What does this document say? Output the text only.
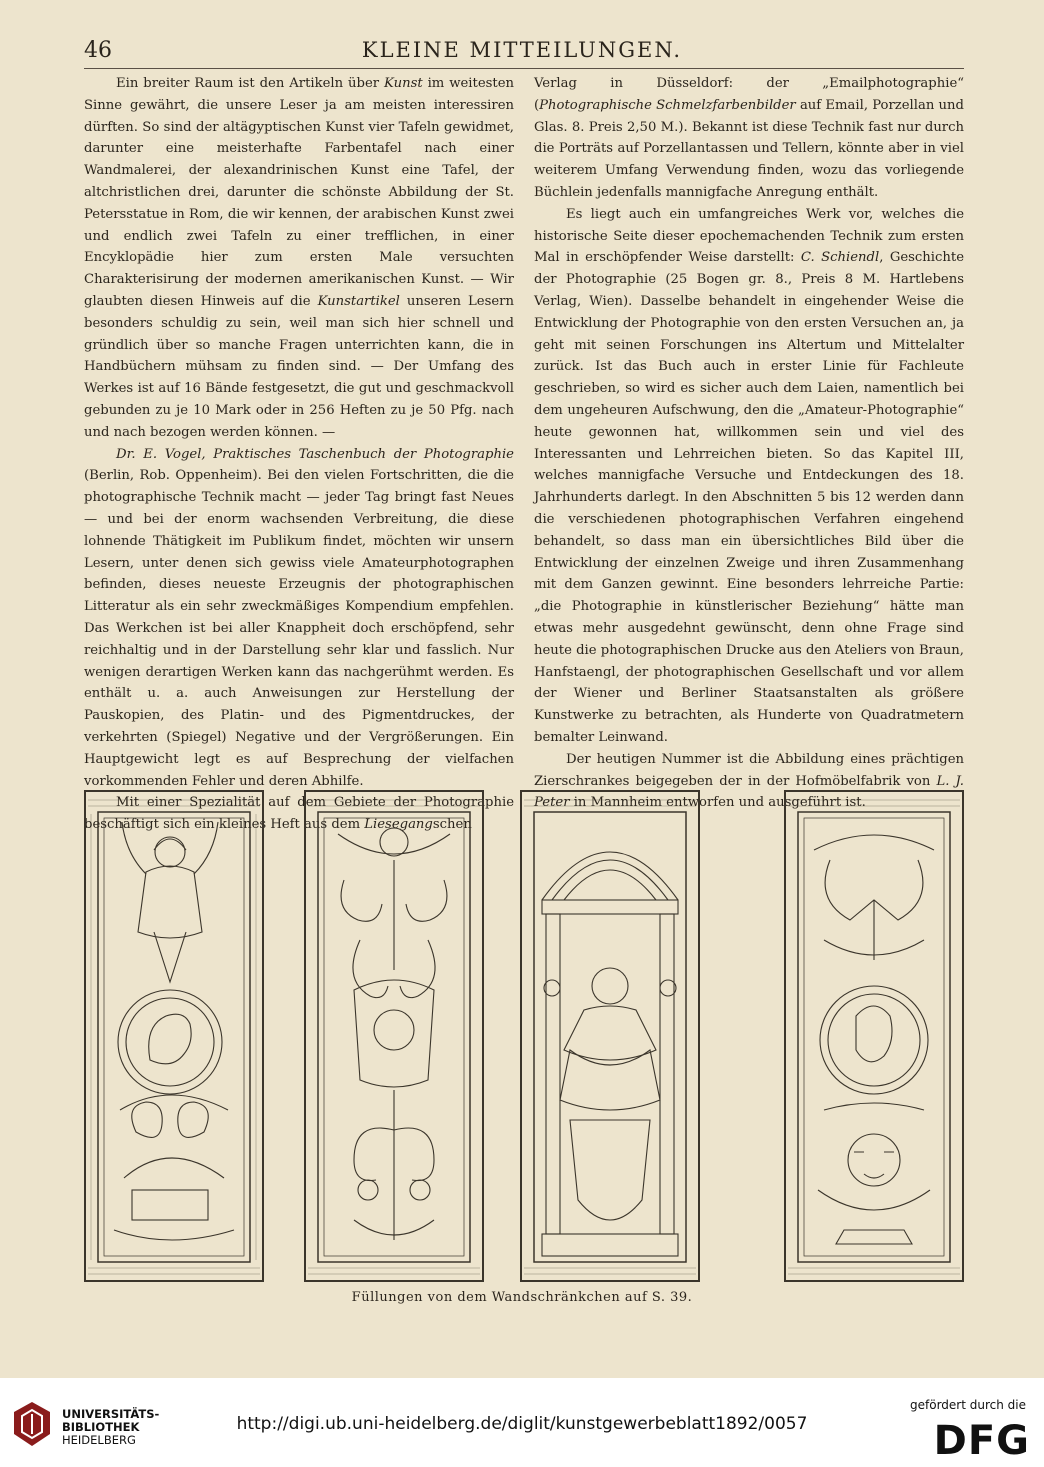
46	KLEINE MITTEILUNGEN.

Ein breiter Raum ist den Artikeln über Kunst im weitesten Sinne gewährt, die unsere Leser ja am meisten interessiren dürften. So sind der altägyptischen Kunst vier Tafeln gewidmet, darunter eine meisterhafte Farbentafel nach einer Wandmalerei, der alexandrinischen Kunst eine Tafel, der altchristlichen drei, darunter die schönste Abbildung der St. Petersstatue in Rom, die wir kennen, der arabischen Kunst zwei und endlich zwei Tafeln zu einer trefflichen, in einer Encyklopädie hier zum ersten Male versuchten Charakterisirung der modernen amerikanischen Kunst. — Wir glaubten diesen Hinweis auf die Kunstartikel unseren Lesern besonders schuldig zu sein, weil man sich hier schnell und gründlich über so manche Fragen unterrichten kann, die in Handbüchern mühsam zu finden sind. — Der Umfang des Werkes ist auf 16 Bände festgesetzt, die gut und geschmackvoll gebunden zu je 10 Mark oder in 256 Heften zu je 50 Pfg. nach und nach bezogen werden können. —

Dr. E. Vogel, Praktisches Taschenbuch der Photographie (Berlin, Rob. Oppenheim). Bei den vielen Fortschritten, die die photographische Technik macht — jeder Tag bringt fast Neues — und bei der enorm wachsenden Verbreitung, die diese lohnende Thätigkeit im Publikum findet, möchten wir unsern Lesern, unter denen sich gewiss viele Amateurphotographen befinden, dieses neueste Erzeugnis der photographischen Litteratur als ein sehr zweckmäßiges Kompendium empfehlen. Das Werkchen ist bei aller Knappheit doch erschöpfend, sehr reichhaltig und in der Darstellung sehr klar und fasslich. Nur wenigen derartigen Werken kann das nachgerühmt werden. Es enthält u. a. auch Anweisungen zur Herstellung der Pauskopien, des Platin- und des Pigmentdruckes, der verkehrten (Spiegel) Negative und der Vergrößerungen. Ein Hauptgewicht legt es auf Besprechung der vielfachen vorkommenden Fehler und deren Abhilfe.

Mit einer Spezialität auf dem Gebiete der Photographie beschäftigt sich ein kleines Heft aus dem Liesegangschen

Verlag in Düsseldorf: der „Emailphotographie“ (Photographische Schmelzfarbenbilder auf Email, Porzellan und Glas. 8. Preis 2,50 M.). Bekannt ist diese Technik fast nur durch die Porträts auf Porzellantassen und Tellern, könnte aber in viel weiterem Umfang Verwendung finden, wozu das vorliegende Büchlein jedenfalls mannigfache Anregung enthält.

Es liegt auch ein umfangreiches Werk vor, welches die historische Seite dieser epochemachenden Technik zum ersten Mal in erschöpfender Weise darstellt: C. Schiendl, Geschichte der Photographie (25 Bogen gr. 8., Preis 8 M. Hartlebens Verlag, Wien). Dasselbe behandelt in eingehender Weise die Entwicklung der Photographie von den ersten Versuchen an, ja geht mit seinen Forschungen ins Altertum und Mittelalter zurück. Ist das Buch auch in erster Linie für Fachleute geschrieben, so wird es sicher auch dem Laien, namentlich bei dem ungeheuren Aufschwung, den die „Amateur-Photographie“ heute gewonnen hat, willkommen sein und viel des Interessanten und Lehrreichen bieten. So das Kapitel III, welches mannigfache Versuche und Entdeckungen des 18. Jahrhunderts darlegt. In den Abschnitten 5 bis 12 werden dann die verschiedenen photographischen Verfahren eingehend behandelt, so dass man ein übersichtliches Bild über die Entwicklung der einzelnen Zweige und ihren Zusammenhang mit dem Ganzen gewinnt. Eine besonders lehrreiche Partie: „die Photographie in künstlerischer Beziehung“ hätte man etwas mehr ausgedehnt gewünscht, denn ohne Frage sind heute die photographischen Drucke aus den Ateliers von Braun, Hanfstaengl, der photographischen Gesellschaft und vor allem der Wiener und Berliner Staatsanstalten als größere Kunstwerke zu betrachten, als Hunderte von Quadratmetern bemalter Leinwand.

Der heutigen Nummer ist die Abbildung eines prächtigen Zierschrankes beigegeben der in der Hofmöbelfabrik von L. J. Peter in Mannheim entworfen und ausgeführt ist.

Füllungen von dem Wandschränkchen auf S. 39.
UNIVERSITÄTS-
BIBLIOTHEK
HEIDELBERG
http://digi.ub.uni-heidelberg.de/diglit/kunstgewerbeblatt1892/0057
gefördert durch die
DFG
